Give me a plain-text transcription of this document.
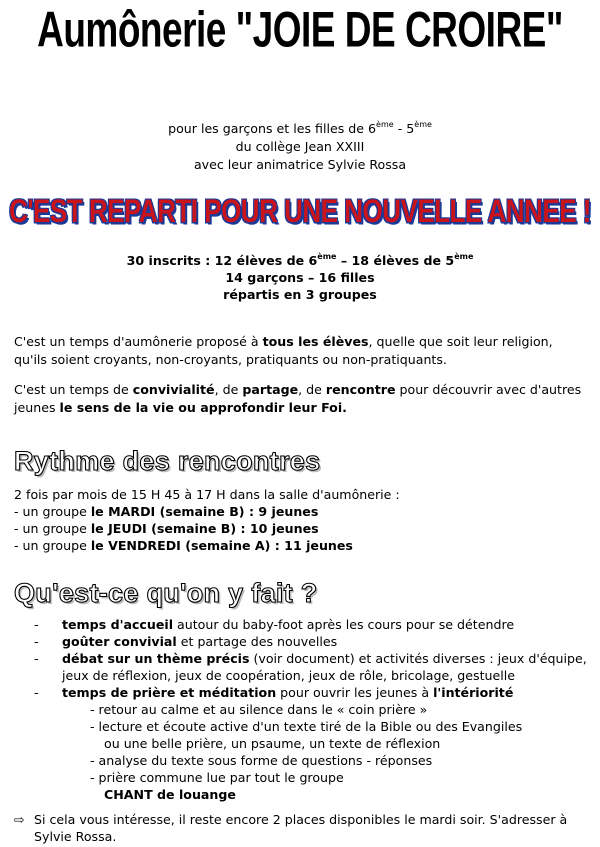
Aumônerie "JOIE DE CROIRE"
pour les garçons et les filles de 6ème - 5ème
du collège Jean XXIII
avec leur animatrice Sylvie Rossa
C'EST REPARTI POUR UNE NOUVELLE ANNEE !
30 inscrits : 12 élèves de 6ème – 18 élèves de 5ème
14 garçons – 16 filles
répartis en 3 groupes
C'est un temps d'aumônerie proposé à tous les élèves, quelle que soit leur religion, qu'ils soient croyants, non-croyants, pratiquants ou non-pratiquants.
C'est un temps de convivialité, de partage, de rencontre pour découvrir avec d'autres jeunes le sens de la vie ou approfondir leur Foi.
Rythme des rencontres
2 fois par mois de 15 H 45 à 17 H dans la salle d'aumônerie :
- un groupe le MARDI (semaine B) : 9 jeunes
- un groupe le JEUDI (semaine B) : 10 jeunes
- un groupe le VENDREDI (semaine A) : 11 jeunes
Qu'est-ce qu'on y fait ?
- temps d'accueil autour du baby-foot après les cours pour se détendre
- goûter convivial et partage des nouvelles
- débat sur un thème précis (voir document) et activités diverses : jeux d'équipe, jeux de réflexion, jeux de coopération, jeux de rôle, bricolage, gestuelle
- temps de prière et méditation pour ouvrir les jeunes à l'intériorité
- retour au calme et au silence dans le « coin prière »
- lecture et écoute active d'un texte tiré de la Bible ou des Evangiles
ou une belle prière, un psaume, un texte de réflexion
- analyse du texte sous forme de questions - réponses
- prière commune lue par tout le groupe
CHANT de louange
⇨ Si cela vous intéresse, il reste encore 2 places disponibles le mardi soir. S'adresser à Sylvie Rossa.
